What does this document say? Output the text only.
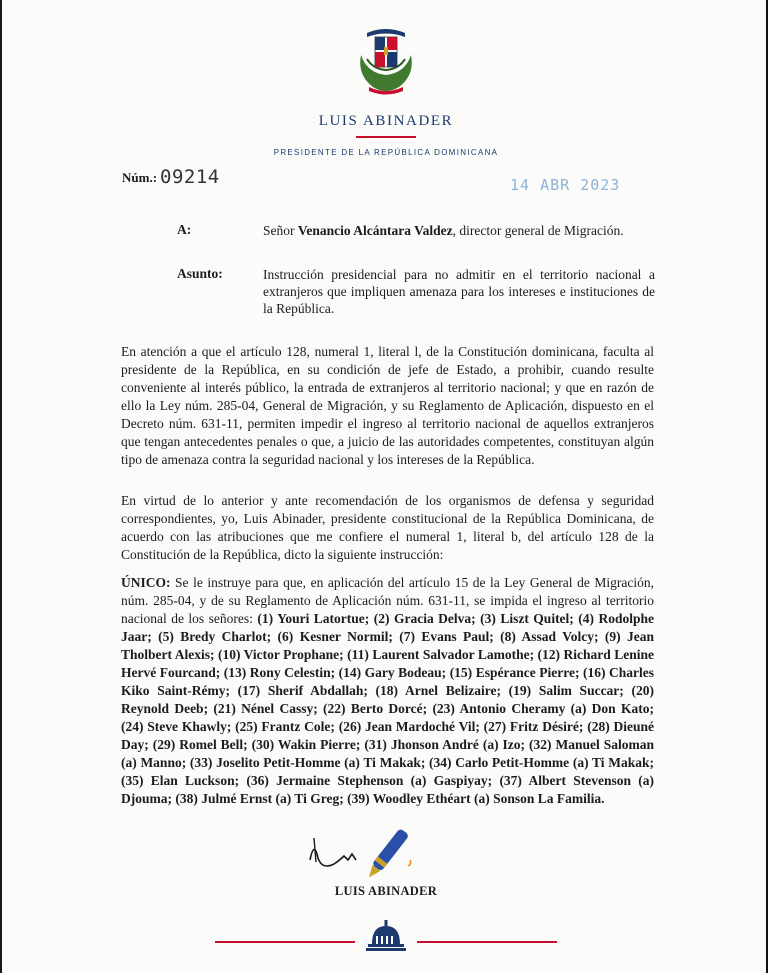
LUIS ABINADER
PRESIDENTE DE LA REPÚBLICA DOMINICANA
Núm.: 09214	14 ABR 2023
A:	Señor Venancio Alcántara Valdez, director general de Migración.
Asunto:	Instrucción presidencial para no admitir en el territorio nacional a extranjeros que impliquen amenaza para los intereses e instituciones de la República.

En atención a que el artículo 128, numeral 1, literal l, de la Constitución dominicana, faculta al presidente de la República, en su condición de jefe de Estado, a prohibir, cuando resulte conveniente al interés público, la entrada de extranjeros al territorio nacional; y que en razón de ello la Ley núm. 285-04, General de Migración, y su Reglamento de Aplicación, dispuesto en el Decreto núm. 631-11, permiten impedir el ingreso al territorio nacional de aquellos extranjeros que tengan antecedentes penales o que, a juicio de las autoridades competentes, constituyan algún tipo de amenaza contra la seguridad nacional y los intereses de la República.

En virtud de lo anterior y ante recomendación de los organismos de defensa y seguridad correspondientes, yo, Luis Abinader, presidente constitucional de la República Dominicana, de acuerdo con las atribuciones que me confiere el numeral 1, literal b, del artículo 128 de la Constitución de la República, dicto la siguiente instrucción:

ÚNICO: Se le instruye para que, en aplicación del artículo 15 de la Ley General de Migración, núm. 285-04, y de su Reglamento de Aplicación núm. 631-11, se impida el ingreso al territorio nacional de los señores: (1) Youri Latortue; (2) Gracia Delva; (3) Liszt Quitel; (4) Rodolphe Jaar; (5) Bredy Charlot; (6) Kesner Normil; (7) Evans Paul; (8) Assad Volcy; (9) Jean Tholbert Alexis; (10) Victor Prophane; (11) Laurent Salvador Lamothe; (12) Richard Lenine Hervé Fourcand; (13) Rony Celestin; (14) Gary Bodeau; (15) Espérance Pierre; (16) Charles Kiko Saint-Rémy; (17) Sherif Abdallah; (18) Arnel Belizaire; (19) Salim Succar; (20) Reynold Deeb; (21) Nénel Cassy; (22) Berto Dorcé; (23) Antonio Cheramy (a) Don Kato; (24) Steve Khawly; (25) Frantz Cole; (26) Jean Mardoché Vil; (27) Fritz Désiré; (28) Dieuné Day; (29) Romel Bell; (30) Wakin Pierre; (31) Jhonson André (a) Izo; (32) Manuel Saloman (a) Manno; (33) Joselito Petit-Homme (a) Ti Makak; (34) Carlo Petit-Homme (a) Ti Makak; (35) Elan Luckson; (36) Jermaine Stephenson (a) Gaspiyay; (37) Albert Stevenson (a) Djouma; (38) Julmé Ernst (a) Ti Greg; (39) Woodley Ethéart (a) Sonson La Familia.

LUIS ABINADER
